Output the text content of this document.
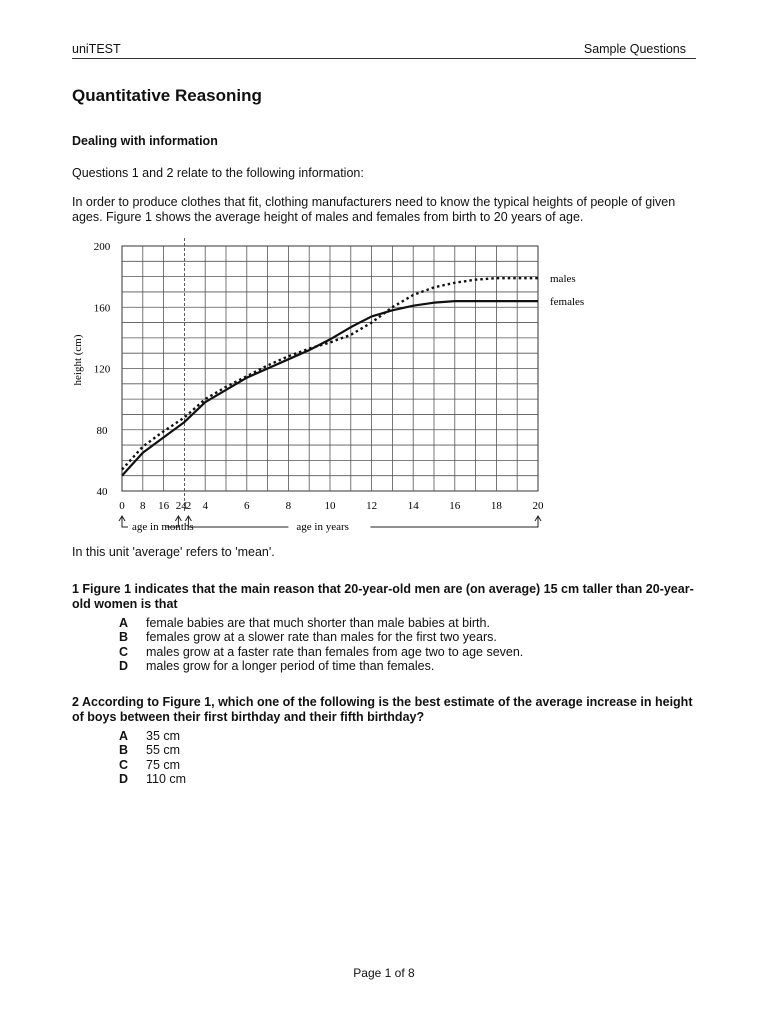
uniTEST	Sample Questions
Quantitative Reasoning
Dealing with information

Questions 1 and 2 relate to the following information:

In order to produce clothes that fit, clothing manufacturers need to know the typical heights of people of given ages. Figure 1 shows the average height of males and females from birth to 20 years of age.

40
80
120
160
200
0 8 16 24 2 4	6	8	10	12	14	16	18	20
age in months	age in years
height (cm)
males
females

In this unit 'average' refers to 'mean'.

1 Figure 1 indicates that the main reason that 20-year-old men are (on average) 15 cm taller than 20-year-old women is that

A female babies are that much shorter than male babies at birth.
B females grow at a slower rate than males for the first two years.
C males grow at a faster rate than females from age two to age seven.
D males grow for a longer period of time than females.

2 According to Figure 1, which one of the following is the best estimate of the average increase in height of boys between their first birthday and their fifth birthday?

A 35 cm
B 55 cm
C 75 cm
D 110 cm
Page 1 of 8
